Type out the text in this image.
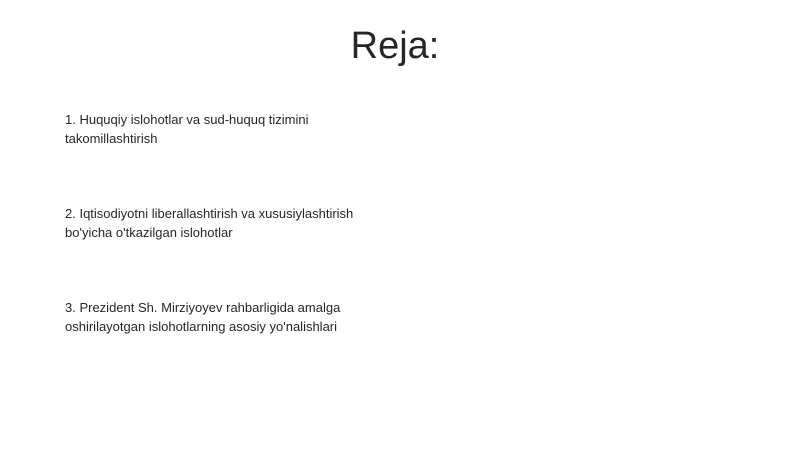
Reja:

1. Huquqiy islohotlar va sud-huquq tizimini takomillashtirish

2. Iqtisodiyotni liberallashtirish va xususiylashtirish bo'yicha o'tkazilgan islohotlar

3. Prezident Sh. Mirziyoyev rahbarligida amalga oshirilayotgan islohotlarning asosiy yo'nalishlari
